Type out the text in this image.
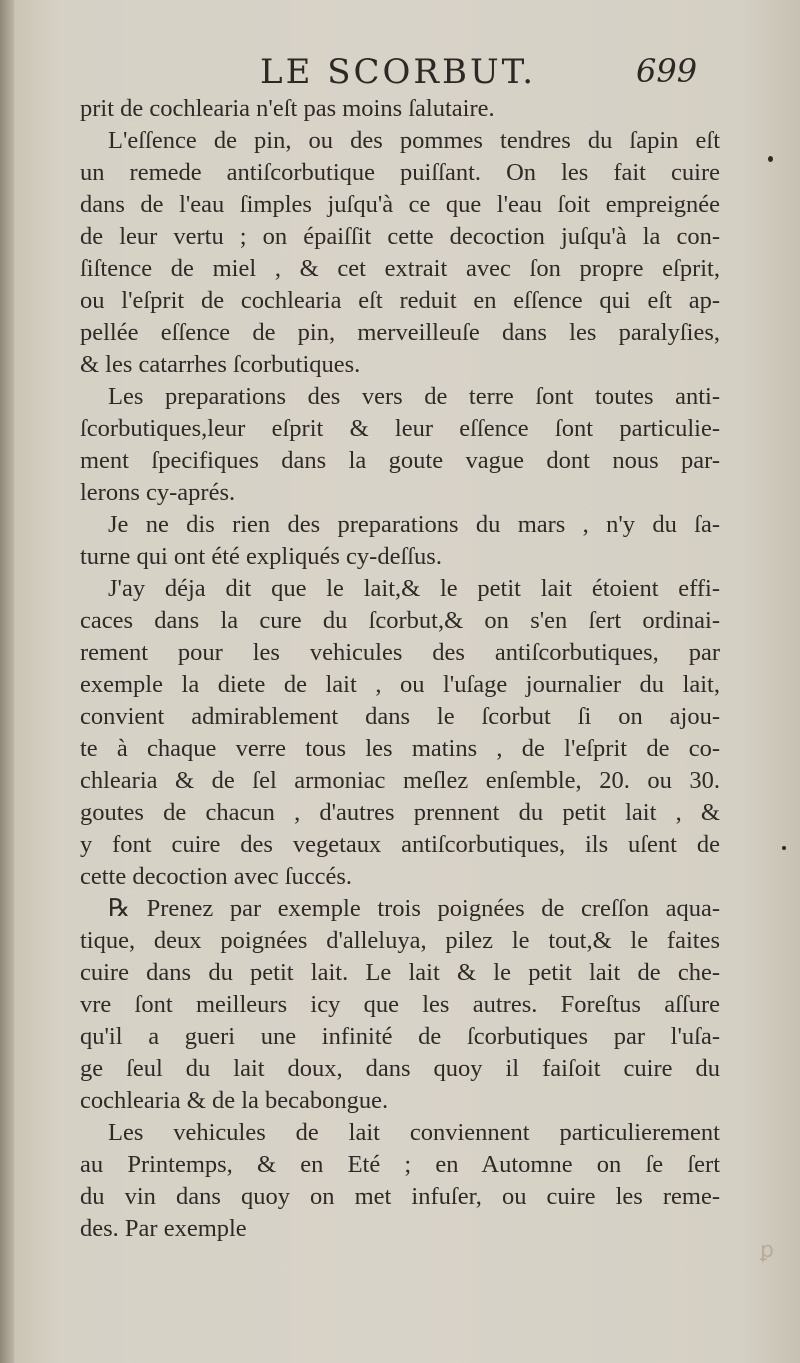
LE SCORBUT.	699
prit de cochlearia n'eſt pas moins ſalutaire.
L'eſſence de pin, ou des pommes tendres du ſapin eſt
un remede antiſcorbutique puiſſant. On les fait cuire
dans de l'eau ſimples juſqu'à ce que l'eau ſoit empreignée
de leur vertu ; on épaiſſit cette decoction juſqu'à la con-
ſiſtence de miel , & cet extrait avec ſon propre eſprit,
ou l'eſprit de cochlearia eſt reduit en eſſence qui eſt ap-
pellée eſſence de pin, merveilleuſe dans les paralyſies,
& les catarrhes ſcorbutiques.
Les preparations des vers de terre ſont toutes anti-
ſcorbutiques,leur eſprit & leur eſſence ſont particulie-
ment ſpecifiques dans la goute vague dont nous par-
lerons cy-aprés.
Je ne dis rien des preparations du mars , n'y du ſa-
turne qui ont été expliqués cy-deſſus.
J'ay déja dit que le lait,& le petit lait étoient effi-
caces dans la cure du ſcorbut,& on s'en ſert ordinai-
rement pour les vehicules des antiſcorbutiques, par
exemple la diete de lait , ou l'uſage journalier du lait,
convient admirablement dans le ſcorbut ſi on ajou-
te à chaque verre tous les matins , de l'eſprit de co-
chlearia & de ſel armoniac meſlez enſemble, 20. ou 30.
goutes de chacun , d'autres prennent du petit lait , &
y font cuire des vegetaux antiſcorbutiques, ils uſent de
cette decoction avec ſuccés.
℞ Prenez par exemple trois poignées de creſſon aqua-
tique, deux poignées d'alleluya, pilez le tout,& le faites
cuire dans du petit lait. Le lait & le petit lait de che-
vre ſont meilleurs icy que les autres. Foreſtus aſſure
qu'il a gueri une infinité de ſcorbutiques par l'uſa-
ge ſeul du lait doux, dans quoy il faiſoit cuire du
cochlearia & de la becabongue.
Les vehicules de lait conviennent particulierement
au Printemps, & en Eté ; en Automne on ſe ſert
du vin dans quoy on met infuſer, ou cuire les reme-
des. Par exemple
ꝑ
